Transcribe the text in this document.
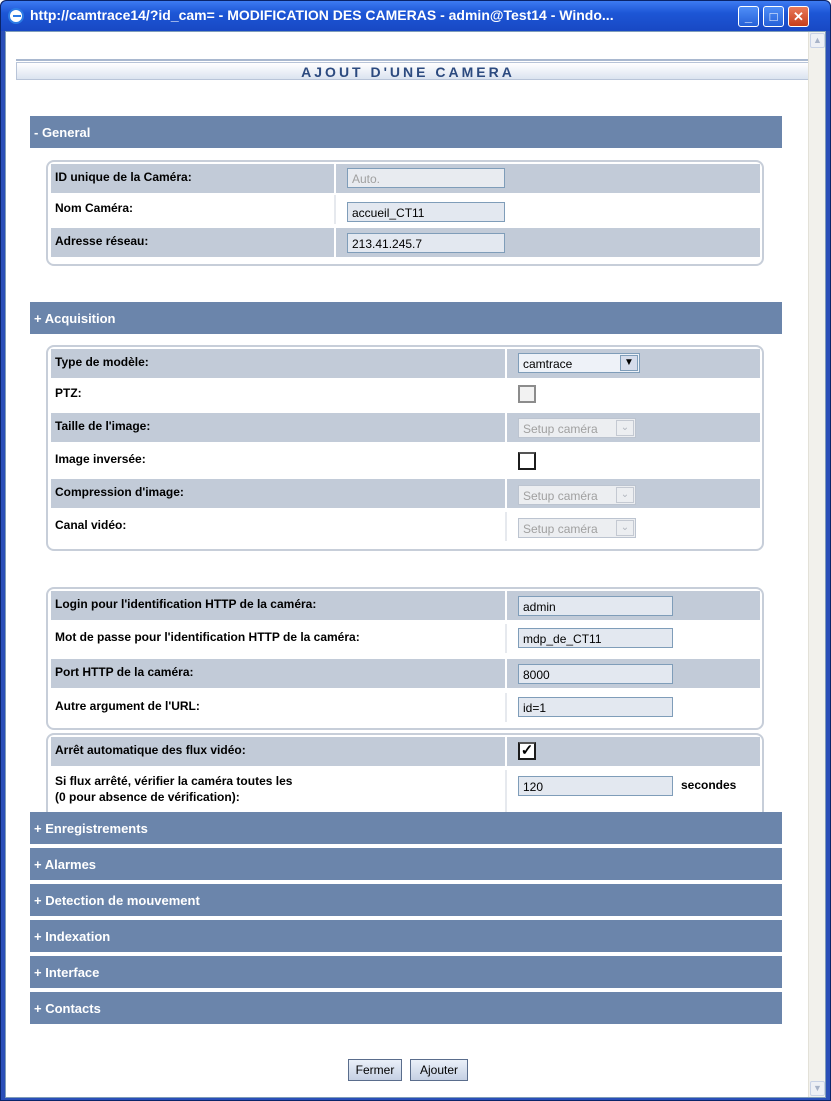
http://camtrace14/?id_cam= - MODIFICATION DES CAMERAS - admin@Test14 - Windo...	_	□	✕
AJOUT D'UNE CAMERA
- General
ID unique de la Caméra:	Auto.
Nom Caméra:	accueil_CT11
Adresse réseau:	213.41.245.7
+ Acquisition
Type de modèle:	camtrace	▼
PTZ:
Taille de l'image:	Setup caméra	⌄
Image inversée:
Compression d'image:	Setup caméra	⌄
Canal vidéo:	Setup caméra	⌄
Login pour l'identification HTTP de la caméra:	admin
Mot de passe pour l'identification HTTP de la caméra:	mdp_de_CT11
Port HTTP de la caméra:	8000
Autre argument de l'URL:	id=1
Arrêt automatique des flux vidéo:	✓
Si flux arrêté, vérifier la caméra toutes les
(0 pour absence de vérification):
120	secondes
+ Enregistrements
+ Alarmes
+ Detection de mouvement
+ Indexation
+ Interface
+ Contacts
Fermer	Ajouter
▲
▼
